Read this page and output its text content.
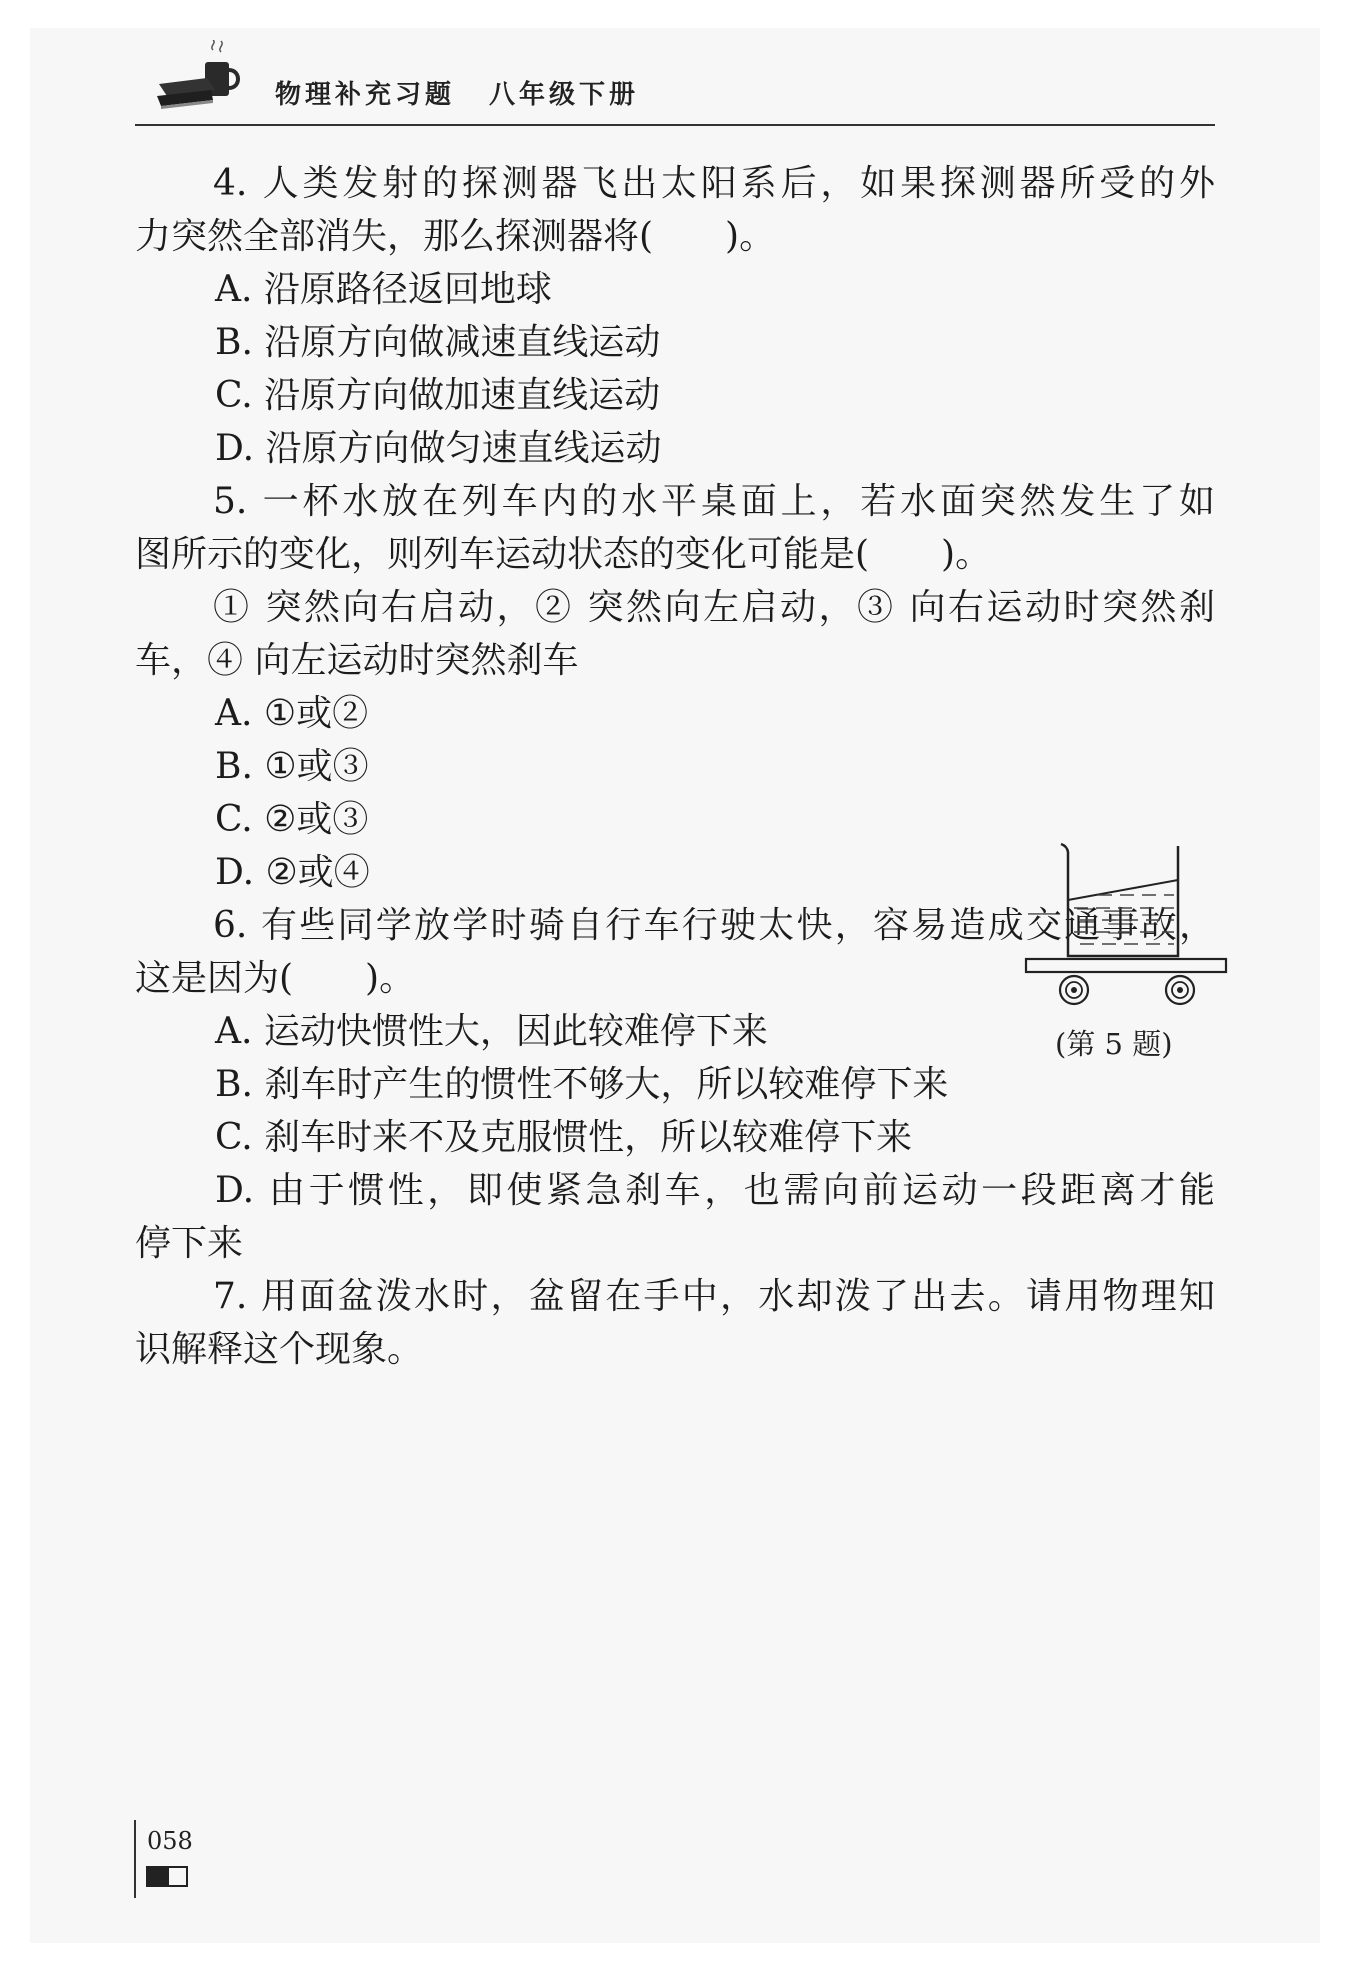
物理补充习题 八年级下册
4. 人类发射的探测器飞出太阳系后，如果探测器所受的外
力突然全部消失，那么探测器将(　　)。
A. 沿原路径返回地球
B. 沿原方向做减速直线运动
C. 沿原方向做加速直线运动
D. 沿原方向做匀速直线运动
5. 一杯水放在列车内的水平桌面上，若水面突然发生了如
图所示的变化，则列车运动状态的变化可能是(　　)。
① 突然向右启动，② 突然向左启动，③ 向右运动时突然刹
车，④ 向左运动时突然刹车
A. ①或②
B. ①或③
C. ②或③
D. ②或④
6. 有些同学放学时骑自行车行驶太快，容易造成交通事故，
这是因为(　　)。
A. 运动快惯性大，因此较难停下来
B. 刹车时产生的惯性不够大，所以较难停下来
C. 刹车时来不及克服惯性，所以较难停下来
D. 由于惯性，即使紧急刹车，也需向前运动一段距离才能
停下来
7. 用面盆泼水时，盆留在手中，水却泼了出去。请用物理知
识解释这个现象。
(第 5 题)
058
